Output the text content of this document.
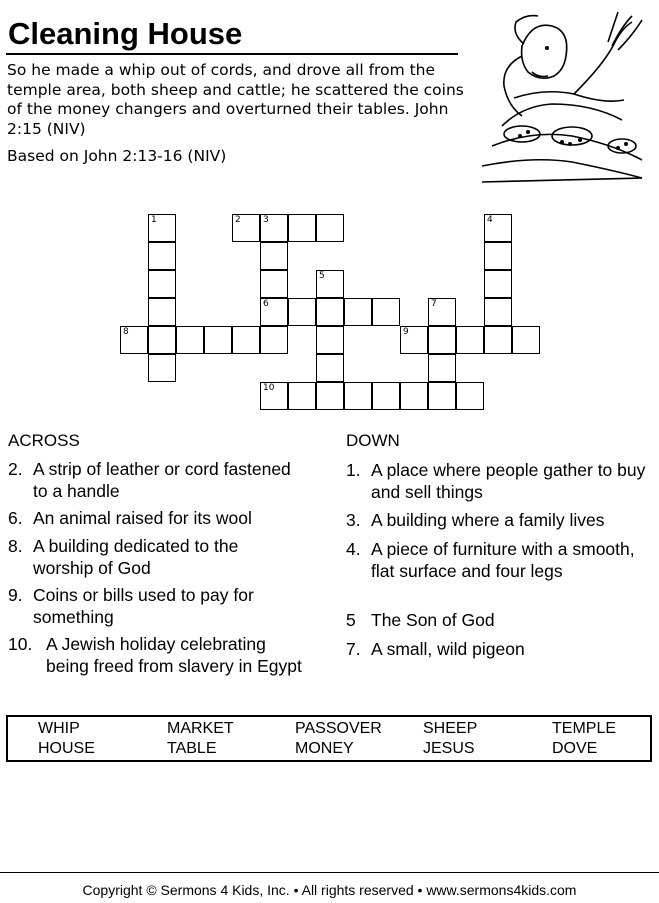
Cleaning House
So he made a whip out of cords, and drove all from the temple area, both sheep and cattle; he scattered the coins of the money changers and overturned their tables. John 2:15 (NIV)
Based on John 2:13-16 (NIV)
1	2 3
6
4
5
7
8	9
10
ACROSS	DOWN
2. A strip of leather or cord fastened to a handle
6. An animal raised for its wool
8. A building dedicated to the worship of God
9. Coins or bills used to pay for something
10. A Jewish holiday celebrating being freed from slavery in Egypt
1. A place where people gather to buy and sell things
3. A building where a family lives
4. A piece of furniture with a smooth, flat surface and four legs
5 The Son of God
7. A small, wild pigeon
WHIP	MARKET	PASSOVER	SHEEP	TEMPLE
HOUSE	TABLE	MONEY	JESUS	DOVE
Copyright © Sermons 4 Kids, Inc. • All rights reserved • www.sermons4kids.com
